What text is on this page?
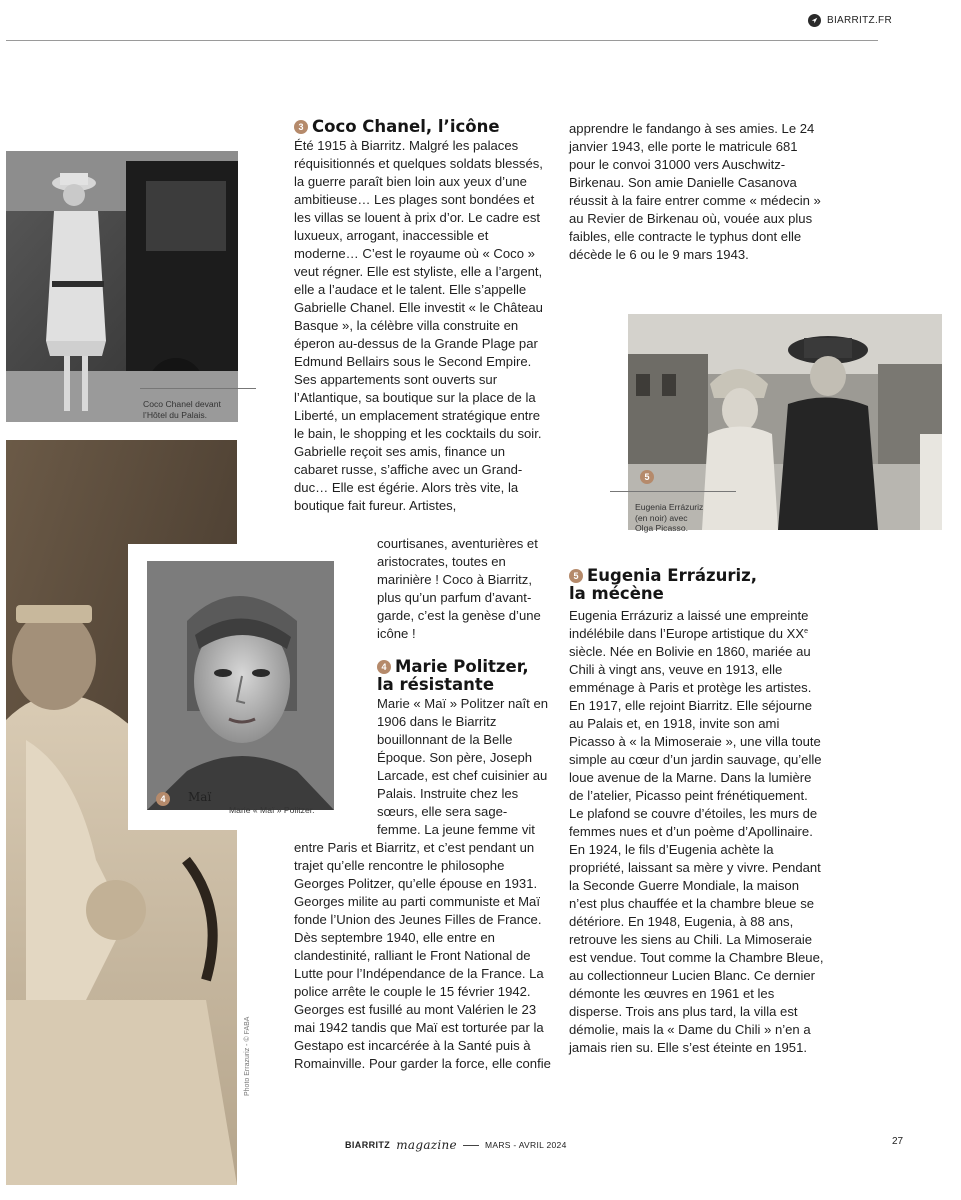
BIARRITZ.FR
Coco Chanel devant l’Hôtel du Palais.
Photo Errazuriz - © FABA
4	Maï
Marie « Maï » Politzer.
5
Eugenia Errázuriz (en noir) avec Olga Picasso.
3 Coco Chanel, l’icône

Été 1915 à Biarritz. Malgré les palaces réquisitionnés et quelques soldats blessés, la guerre paraît bien loin aux yeux d’une ambitieuse… Les plages sont bondées et les villas se louent à prix d’or. Le cadre est luxueux, arrogant, inaccessible et moderne… C’est le royaume où « Coco » veut régner. Elle est styliste, elle a l’argent, elle a l’audace et le talent. Elle s’appelle Gabrielle Chanel. Elle investit « le Château Basque », la célèbre villa construite en éperon au-dessus de la Grande Plage par Edmund Bellairs sous le Second Empire. Ses appartements sont ouverts sur l’Atlantique, sa boutique sur la place de la Liberté, un emplacement stratégique entre le bain, le shopping et les cocktails du soir. Gabrielle reçoit ses amis, finance un cabaret russe, s’affiche avec un Grand-duc… Elle est égérie. Alors très vite, la boutique fait fureur. Artistes,

courtisanes, aventurières et aristocrates, toutes en marinière ! Coco à Biarritz, plus qu’un parfum d’avant-garde, c’est la genèse d’une icône !

4 Marie Politzer,
la résistante

Marie « Maï » Politzer naît en 1906 dans le Biarritz bouillonnant de la Belle Époque. Son père, Joseph Larcade, est chef cuisinier au Palais. Instruite chez les sœurs, elle sera sage-femme. La jeune femme vit

entre Paris et Biarritz, et c’est pendant un trajet qu’elle rencontre le philosophe Georges Politzer, qu’elle épouse en 1931. Georges milite au parti communiste et Maï fonde l’Union des Jeunes Filles de France. Dès septembre 1940, elle entre en clandestinité, ralliant le Front National de Lutte pour l’Indépendance de la France. La police arrête le couple le 15 février 1942. Georges est fusillé au mont Valérien le 23 mai 1942 tandis que Maï est torturée par la Gestapo est incarcérée à la Santé puis à Romainville. Pour garder la force, elle confie

apprendre le fandango à ses amies. Le 24 janvier 1943, elle porte le matricule 681 pour le convoi 31000 vers Auschwitz-Birkenau. Son amie Danielle Casanova réussit à la faire entrer comme « médecin » au Revier de Birkenau où, vouée aux plus faibles, elle contracte le typhus dont elle décède le 6 ou le 9 mars 1943.

5 Eugenia Errázuriz,
la mécène

Eugenia Errázuriz a laissé une empreinte indélébile dans l’Europe artistique du XXe siècle. Née en Bolivie en 1860, mariée au Chili à vingt ans, veuve en 1913, elle emménage à Paris et protège les artistes. En 1917, elle rejoint Biarritz. Elle séjourne au Palais et, en 1918, invite son ami Picasso à « la Mimoseraie », une villa toute simple au cœur d’un jardin sauvage, qu’elle loue avenue de la Marne. Dans la lumière de l’atelier, Picasso peint frénétiquement. Le plafond se couvre d’étoiles, les murs de femmes nues et d’un poème d’Apollinaire. En 1924, le fils d’Eugenia achète la propriété, laissant sa mère y vivre. Pendant la Seconde Guerre Mondiale, la maison n’est plus chauffée et la chambre bleue se détériore. En 1948, Eugenia, à 88 ans, retrouve les siens au Chili. La Mimoseraie est vendue. Tout comme la Chambre Bleue, au collectionneur Lucien Blanc. Ce dernier démonte les œuvres en 1961 et les disperse. Trois ans plus tard, la villa est démolie, mais la « Dame du Chili » n’en a jamais rien su. Elle s’est éteinte en 1951.

BIARRITZ magazine	MARS - AVRIL 2024	27
